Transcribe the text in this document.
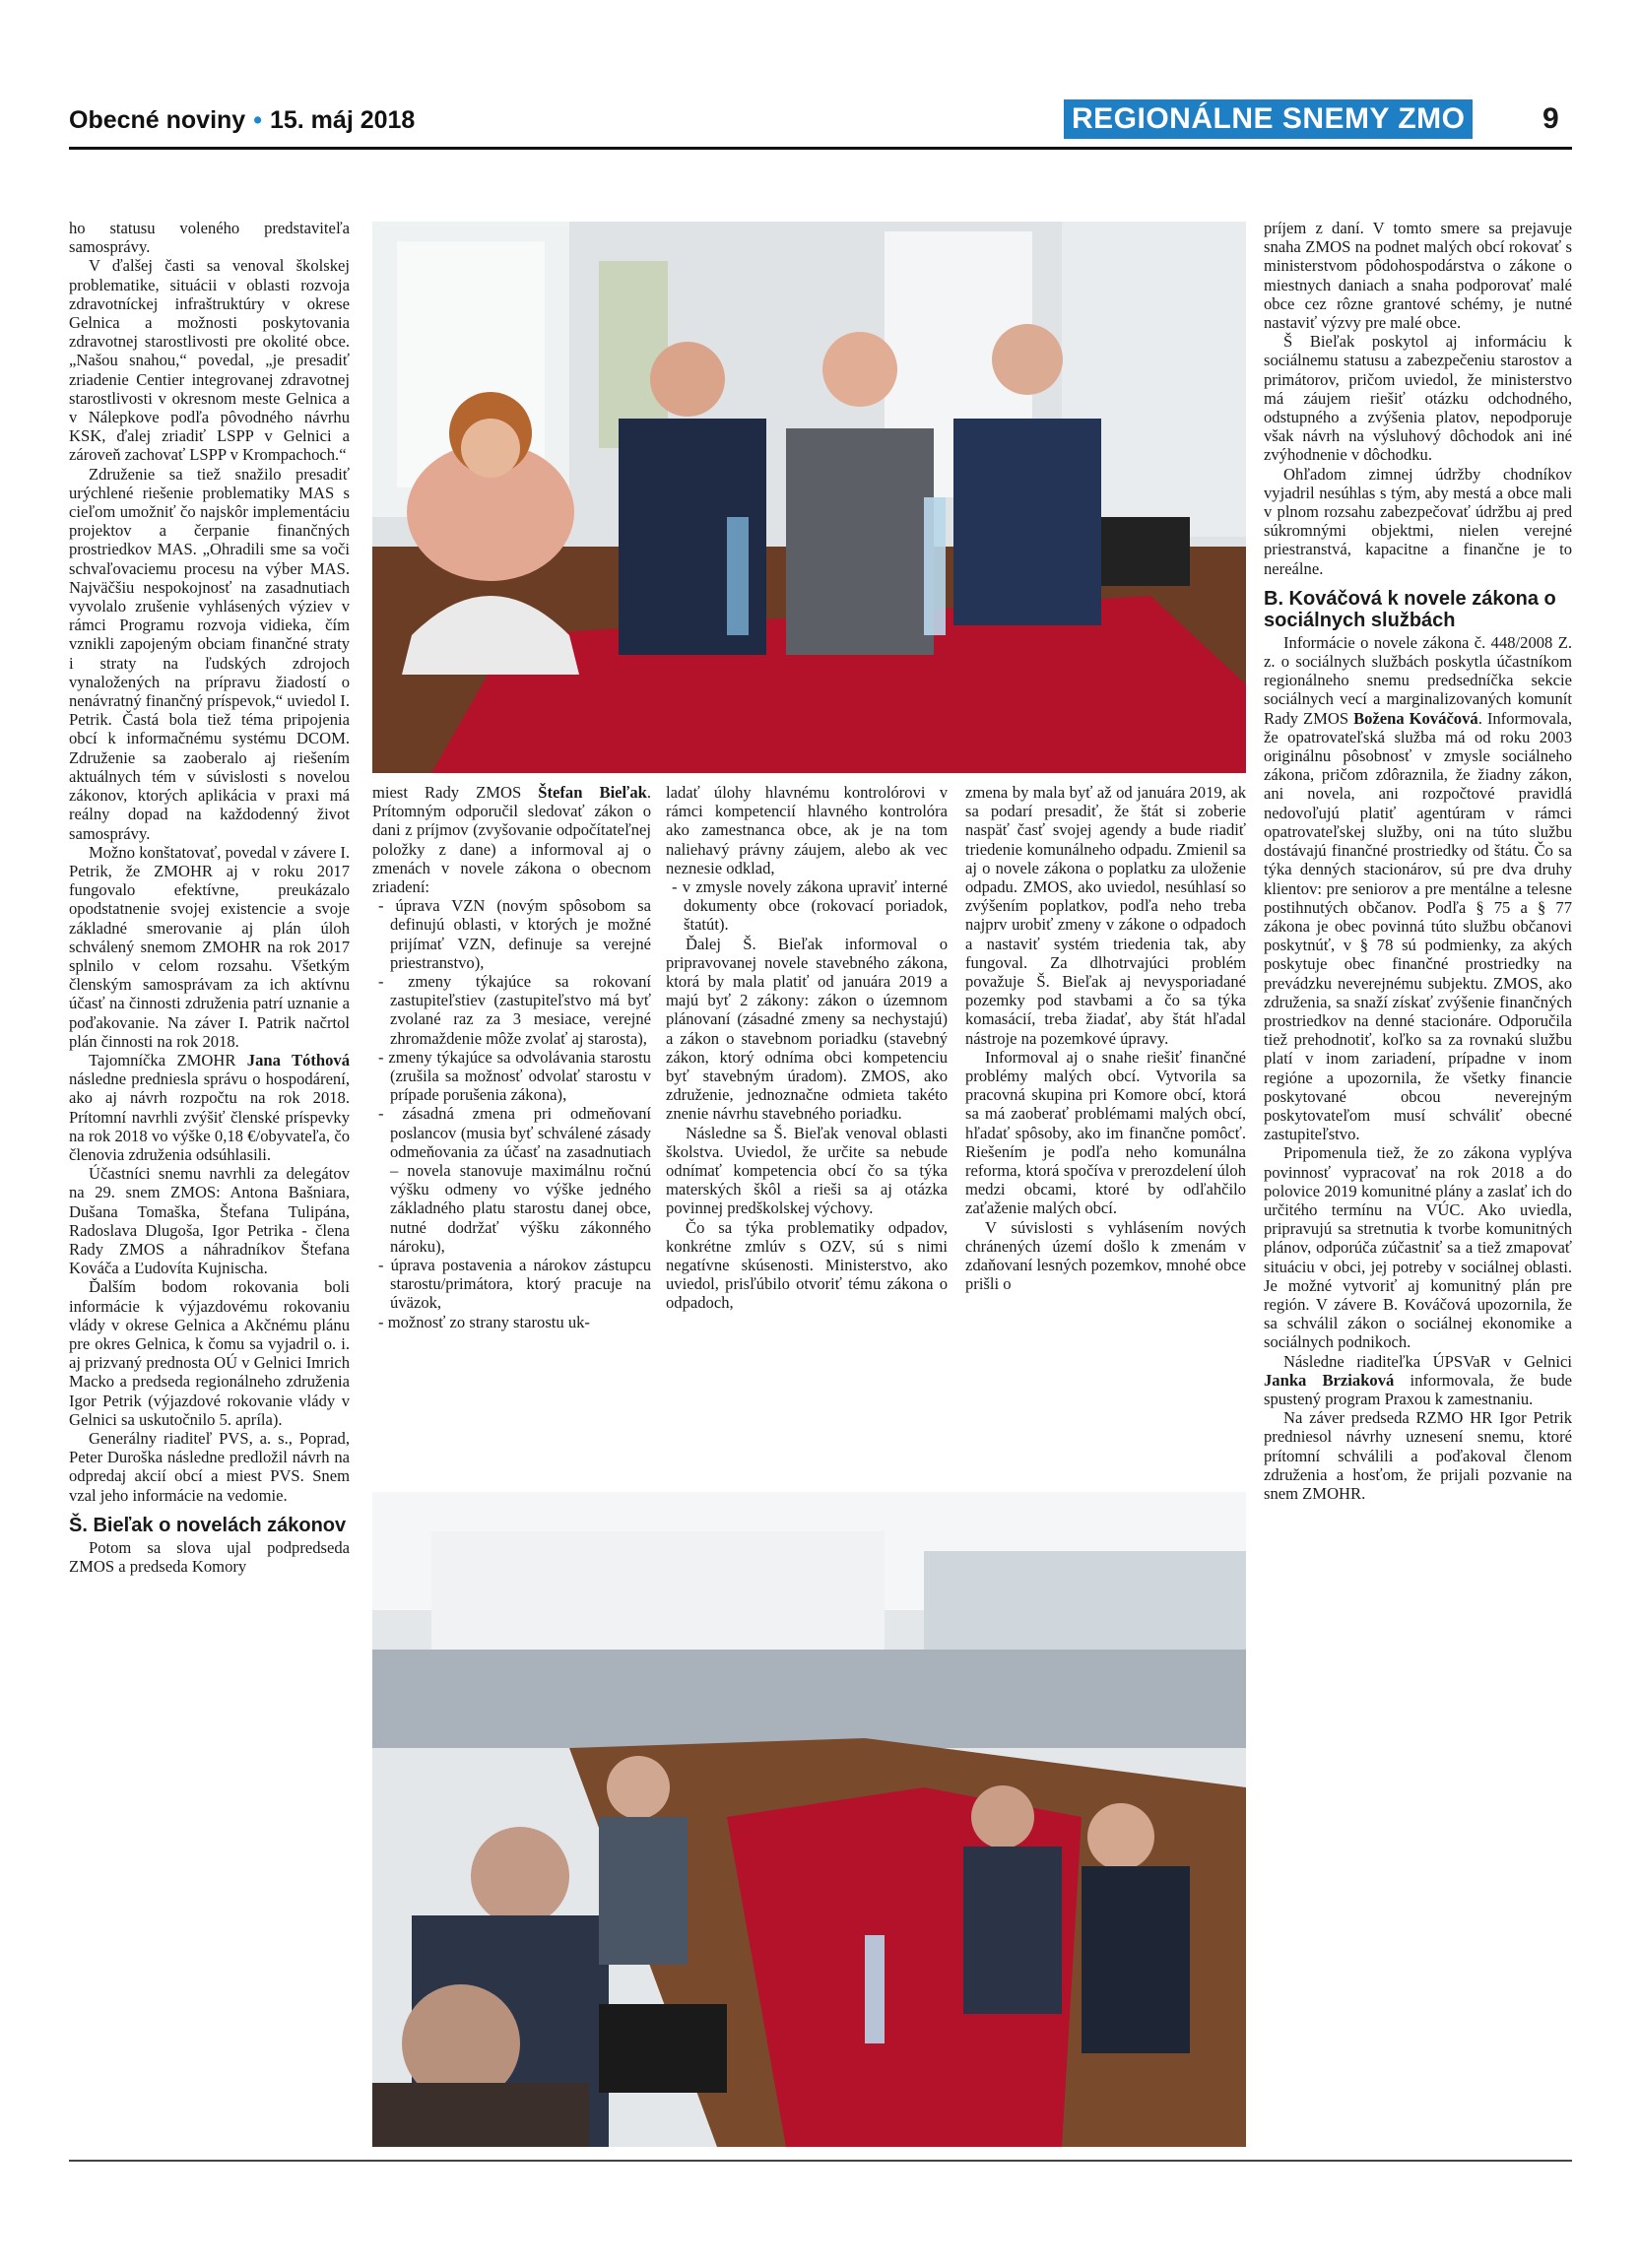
Obecné noviny • 15. máj 2018	REGIONÁLNE SNEMY ZMO	9

ho statusu voleného predstaviteľa samosprávy.

V ďalšej časti sa venoval školskej problematike, situácii v oblasti rozvoja zdravotníckej infraštruktúry v okrese Gelnica a možnosti poskytovania zdravotnej starostlivosti pre okolité obce. „Našou snahou,“ povedal, „je presadiť zriadenie Centier integrovanej zdravotnej starostlivosti v okresnom meste Gelnica a v Nálepkove podľa pôvodného návrhu KSK, ďalej zriadiť LSPP v Gelnici a zároveň zachovať LSPP v Krompachoch.“

Združenie sa tiež snažilo presadiť urýchlené riešenie problematiky MAS s cieľom umožniť čo najskôr implementáciu projektov a čerpanie finančných prostriedkov MAS. „Ohradili sme sa voči schvaľovaciemu procesu na výber MAS. Najväčšiu nespokojnosť na zasadnutiach vyvolalo zrušenie vyhlásených výziev v rámci Programu rozvoja vidieka, čím vznikli zapojeným obciam finančné straty i straty na ľudských zdrojoch vynaložených na prípravu žiadostí o nenávratný finančný príspevok,“ uviedol I. Petrik. Častá bola tiež téma pripojenia obcí k informačnému systému DCOM. Združenie sa zaoberalo aj riešením aktuálnych tém v súvislosti s novelou zákonov, ktorých aplikácia v praxi má reálny dopad na každodenný život samosprávy.

Možno konštatovať, povedal v závere I. Petrik, že ZMOHR aj v roku 2017 fungovalo efektívne, preukázalo opodstatnenie svojej existencie a svoje základné smerovanie aj plán úloh schválený snemom ZMOHR na rok 2017 splnilo v celom rozsahu. Všetkým členským samosprávam za ich aktívnu účasť na činnosti združenia patrí uznanie a poďakovanie. Na záver I. Patrik načrtol plán činnosti na rok 2018.

Tajomníčka ZMOHR Jana Tóthová následne predniesla správu o hospodárení, ako aj návrh rozpočtu na rok 2018. Prítomní navrhli zvýšiť členské príspevky na rok 2018 vo výške 0,18 €/obyvateľa, čo členovia združenia odsúhlasili.

Účastníci snemu navrhli za delegátov na 29. snem ZMOS: Antona Bašniara, Dušana Tomaška, Štefana Tulipána, Radoslava Dlugoša, Igor Petrika - člena Rady ZMOS a náhradníkov Štefana Kováča a Ľudovíta Kujnischa.

Ďalším bodom rokovania boli informácie k výjazdovému rokovaniu vlády v okrese Gelnica a Akčnému plánu pre okres Gelnica, k čomu sa vyjadril o. i. aj prizvaný prednosta OÚ v Gelnici Imrich Macko a predseda regionálneho združenia Igor Petrik (výjazdové rokovanie vlády v Gelnici sa uskutočnilo 5. apríla).

Generálny riaditeľ PVS, a. s., Poprad, Peter Duroška následne predložil návrh na odpredaj akcií obcí a miest PVS. Snem vzal jeho informácie na vedomie.

Š. Bieľak o novelách zákonov

Potom sa slova ujal podpredseda ZMOS a predseda Komory

miest Rady ZMOS Štefan Bieľak. Prítomným odporučil sledovať zákon o dani z príjmov (zvyšovanie odpočítateľnej položky z dane) a informoval aj o zmenách v novele zákona o obecnom zriadení:

- úprava VZN (novým spôsobom sa definujú oblasti, v ktorých je možné prijímať VZN, definuje sa verejné priestranstvo),
- zmeny týkajúce sa rokovaní zastupiteľstiev (zastupiteľstvo má byť zvolané raz za 3 mesiace, verejné zhromaždenie môže zvolať aj starosta),
- zmeny týkajúce sa odvolávania starostu (zrušila sa možnosť odvolať starostu v prípade porušenia zákona),
- zásadná zmena pri odmeňovaní poslancov (musia byť schválené zásady odmeňovania za účasť na zasadnutiach – novela stanovuje maximálnu ročnú výšku odmeny vo výške jedného základného platu starostu danej obce, nutné dodržať výšku zákonného nároku),
- úprava postavenia a nárokov zástupcu starostu/primátora, ktorý pracuje na úväzok,
- možnosť zo strany starostu uk-

ladať úlohy hlavnému kontrolórovi v rámci kompetencií hlavného kontrolóra ako zamestnanca obce, ak je na tom naliehavý právny záujem, alebo ak vec neznesie odklad,

- v zmysle novely zákona upraviť interné dokumenty obce (rokovací poriadok, štatút).

Ďalej Š. Bieľak informoval o pripravovanej novele stavebného zákona, ktorá by mala platiť od januára 2019 a majú byť 2 zákony: zákon o územnom plánovaní (zásadné zmeny sa nechystajú) a zákon o stavebnom poriadku (stavebný zákon, ktorý odníma obci kompetenciu byť stavebným úradom). ZMOS, ako združenie, jednoznačne odmieta takéto znenie návrhu stavebného poriadku.

Následne sa Š. Bieľak venoval oblasti školstva. Uviedol, že určite sa nebude odnímať kompetencia obcí čo sa týka materských škôl a rieši sa aj otázka povinnej predškolskej výchovy.

Čo sa týka problematiky odpadov, konkrétne zmlúv s OZV, sú s nimi negatívne skúsenosti. Ministerstvo, ako uviedol, prisľúbilo otvoriť tému zákona o odpadoch,

zmena by mala byť až od januára 2019, ak sa podarí presadiť, že štát si zoberie naspäť časť svojej agendy a bude riadiť triedenie komunálneho odpadu. Zmienil sa aj o novele zákona o poplatku za uloženie odpadu. ZMOS, ako uviedol, nesúhlasí so zvýšením poplatkov, podľa neho treba najprv urobiť zmeny v zákone o odpadoch a nastaviť systém triedenia tak, aby fungoval. Za dlhotrvajúci problém považuje Š. Bieľak aj nevysporiadané pozemky pod stavbami a čo sa týka komasácií, treba žiadať, aby štát hľadal nástroje na pozemkové úpravy.

Informoval aj o snahe riešiť finančné problémy malých obcí. Vytvorila sa pracovná skupina pri Komore obcí, ktorá sa má zaoberať problémami malých obcí, hľadať spôsoby, ako im finančne pomôcť. Riešením je podľa neho komunálna reforma, ktorá spočíva v prerozdelení úloh medzi obcami, ktoré by odľahčilo zaťaženie malých obcí.

V súvislosti s vyhlásením nových chránených území došlo k zmenám v zdaňovaní lesných pozemkov, mnohé obce prišli o

príjem z daní. V tomto smere sa prejavuje snaha ZMOS na podnet malých obcí rokovať s ministerstvom pôdohospodárstva o zákone o miestnych daniach a snaha podporovať malé obce cez rôzne grantové schémy, je nutné nastaviť výzvy pre malé obce.

Š Bieľak poskytol aj informáciu k sociálnemu statusu a zabezpečeniu starostov a primátorov, pričom uviedol, že ministerstvo má záujem riešiť otázku odchodného, odstupného a zvýšenia platov, nepodporuje však návrh na výsluhový dôchodok ani iné zvýhodnenie v dôchodku.

Ohľadom zimnej údržby chodníkov vyjadril nesúhlas s tým, aby mestá a obce mali v plnom rozsahu zabezpečovať údržbu aj pred súkromnými objektmi, nielen verejné priestranstvá, kapacitne a finančne je to nereálne.

B. Kováčová k novele zákona o sociálnych službách

Informácie o novele zákona č. 448/2008 Z. z. o sociálnych službách poskytla účastníkom regionálneho snemu predsedníčka sekcie sociálnych vecí a marginalizovaných komunít Rady ZMOS Božena Kováčová. Informovala, že opatrovateľská služba má od roku 2003 originálnu pôsobnosť v zmysle sociálneho zákona, pričom zdôraznila, že žiadny zákon, ani novela, ani rozpočtové pravidlá nedovoľujú platiť agentúram v rámci opatrovateľskej služby, oni na túto službu dostávajú finančné prostriedky od štátu. Čo sa týka denných stacionárov, sú pre dva druhy klientov: pre seniorov a pre mentálne a telesne postihnutých občanov. Podľa § 75 a § 77 zákona je obec povinná túto službu občanovi poskytnúť, v § 78 sú podmienky, za akých poskytuje obec finančné prostriedky na prevádzku neverejnému subjektu. ZMOS, ako združenia, sa snaží získať zvýšenie finančných prostriedkov na denné stacionáre. Odporučila tiež prehodnotiť, koľko sa za rovnakú službu platí v inom zariadení, prípadne v inom regióne a upozornila, že všetky financie poskytované obcou neverejným poskytovateľom musí schváliť obecné zastupiteľstvo.

Pripomenula tiež, že zo zákona vyplýva povinnosť vypracovať na rok 2018 a do polovice 2019 komunitné plány a zaslať ich do určitého termínu na VÚC. Ako uviedla, pripravujú sa stretnutia k tvorbe komunitných plánov, odporúča zúčastniť sa a tiež zmapovať situáciu v obci, jej potreby v sociálnej oblasti. Je možné vytvoriť aj komunitný plán pre región. V závere B. Kováčová upozornila, že sa schválil zákon o sociálnej ekonomike a sociálnych podnikoch.

Následne riaditeľka ÚPSVaR v Gelnici Janka Brziaková informovala, že bude spustený program Praxou k zamestnaniu.

Na záver predseda RZMO HR Igor Petrik predniesol návrhy uznesení snemu, ktoré prítomní schválili a poďakoval členom združenia a hosťom, že prijali pozvanie na snem ZMOHR.
